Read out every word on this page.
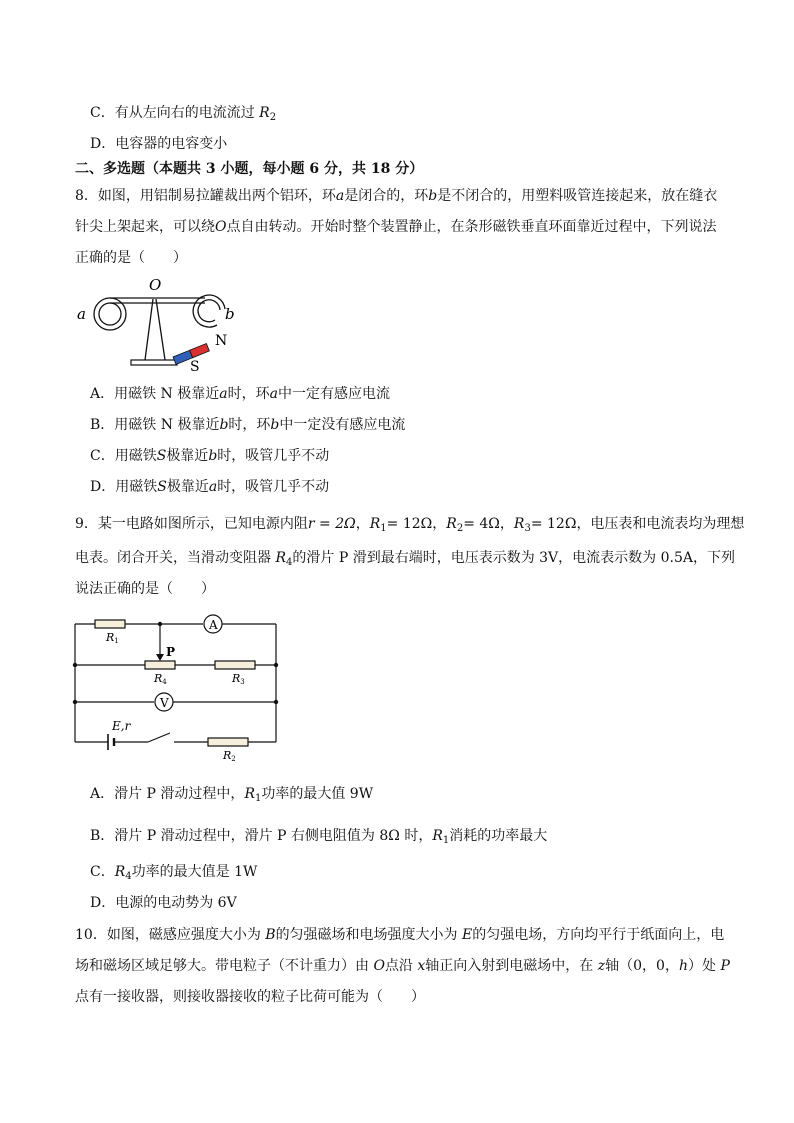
C．有从左向右的电流流过 $R_2$
D．电容器的电容变小
二、多选题（本题共 3 小题，每小题 6 分，共 18 分）
8．如图，用铝制易拉罐裁出两个铝环，环a是闭合的，环b是不闭合的，用塑料吸管连接起来，放在缝衣
针尖上架起来，可以绕O点自由转动。开始时整个装置静止，在条形磁铁垂直环面靠近过程中，下列说法
正确的是（　　）
O
a	b
N
S
A．用磁铁 N 极靠近a时，环a中一定有感应电流
B．用磁铁 N 极靠近b时，环b中一定没有感应电流
C．用磁铁S极靠近b时，吸管几乎不动
D．用磁铁S极靠近a时，吸管几乎不动
9．某一电路如图所示，已知电源内阻r = 2Ω，$R_1= 12\Omega$，$R_2= 4\Omega$，$R_3= 12\Omega$，电压表和电流表均为理想
电表。闭合开关，当滑动变阻器 $R_4$的滑片 P 滑到最右端时，电压表示数为 3V，电流表示数为 0.5A，下列
说法正确的是（　　）
A
V
P
R1
R4	R3
R2
E,r
A．滑片 P 滑动过程中，$R_1$功率的最大值 9W
B．滑片 P 滑动过程中，滑片 P 右侧电阻值为 8Ω 时，$R_1$消耗的功率最大
C．$R_4$功率的最大值是 1W
D．电源的电动势为 6V
10．如图，磁感应强度大小为 B的匀强磁场和电场强度大小为 E的匀强电场，方向均平行于纸面向上，电
场和磁场区域足够大。带电粒子（不计重力）由 O点沿 x轴正向入射到电磁场中，在 z轴（0，0，h）处 P
点有一接收器，则接收器接收的粒子比荷可能为（　　）
